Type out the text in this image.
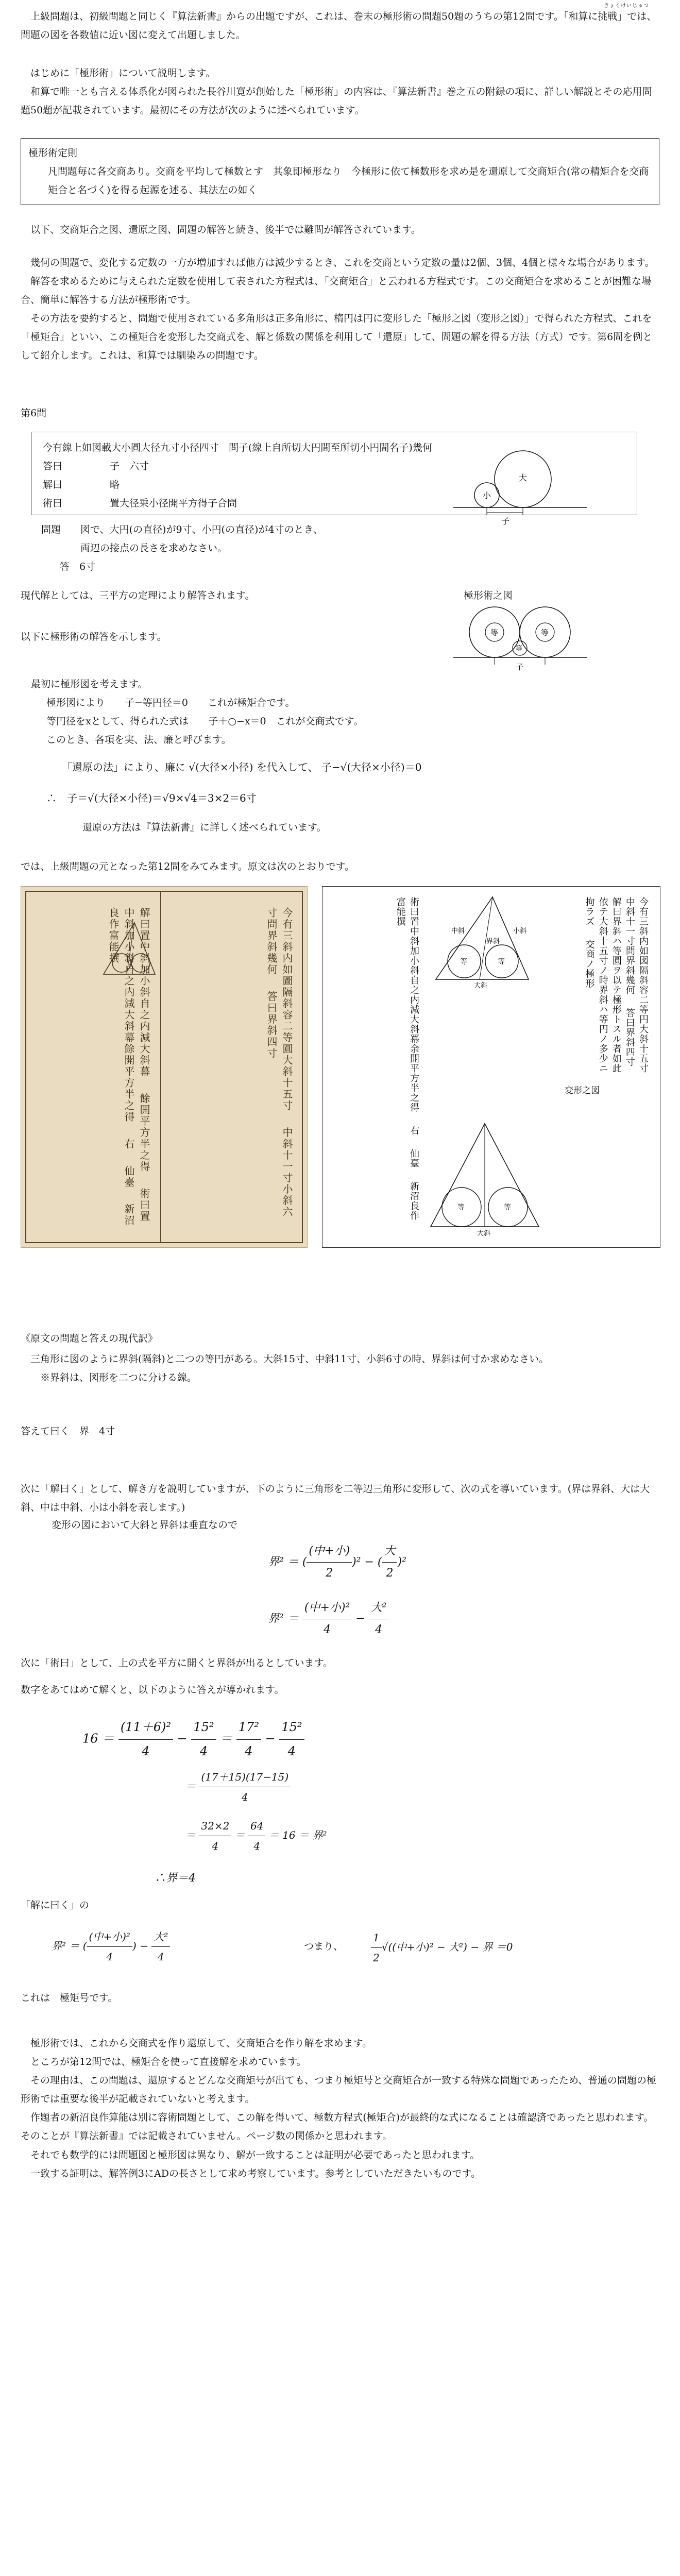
きょくけいじゅつ

上級問題は、初級問題と同じく『算法新書』からの出題ですが、これは、巻末の極形術の問題50題のうちの第12問です。「和算に挑戦」では、問題の図を各数値に近い図に変えて出題しました。

はじめに「極形術」について説明します。

和算で唯一とも言える体系化が図られた長谷川寛が創始した「極形術」の内容は、『算法新書』巻之五の附録の項に、詳しい解説とその応用問題50題が記載されています。最初にその方法が次のように述べられています。

極形術定則

凡問題毎に各交商あり。交商を平均して極数とす　其象即極形なり　今極形に依て極数形を求め是を還原して交商矩合(常の精矩合を交商矩合と名づく)を得る起源を述る、其法左の如く

以下、交商矩合之図、還原之図、問題の解答と続き、後半では難問が解答されています。

幾何の問題で、変化する定数の一方が増加すれば他方は減少するとき、これを交商という定数の量は2個、3個、4個と様々な場合があります。

解答を求めるために与えられた定数を使用して表された方程式は、「交商矩合」と云われる方程式です。この交商矩合を求めることが困難な場合、簡単に解答する方法が極形術です。

その方法を要約すると、問題で使用されている多角形は正多角形に、楕円は円に変形した「極形之図（変形之図）」で得られた方程式、これを「極矩合」といい、この極矩合を変形した交商式を、解と係数の関係を利用して「還原」して、問題の解を得る方法（方式）です。第6問を例として紹介します。これは、和算では馴染みの問題です。

第6問

今有線上如図載大小圓大径九寸小径四寸　問子(線上自所切大円間至所切小円間名子)幾何

答曰	子　六寸
解曰	略
術曰	置大径乗小径開平方得子合問
小
大
子

問題　　 図で、大円(の直径)が9寸、小円(の直径)が4寸のとき、

両辺の接点の長さを求めなさい。

答　6寸

現代解としては、三平方の定理により解答されます。	極形術之図
等	等
等
子
以下に極形術の解答を示します。

最初に極形図を考えます。

極形図により　　子−等円径＝0　　これが極矩合です。

等円径をxとして、得られた式は　　子＋○−x＝0　これが交商式です。

このとき、各項を実、法、廉と呼びます。

「還原の法」により、廉に √(大径×小径) を代入して、 子−√(大径×小径)＝0
∴　子＝√(大径×小径)＝√9×√4＝3×2＝6寸
還原の方法は『算法新書』に詳しく述べられています。
では、上級問題の元となった第12問をみてみます。原文は次のとおりです。
今有三斜内如圖隔斜容二等圓大斜十五寸　 中斜十一寸小斜六寸問界斜幾何　 答曰界斜四寸
解曰置中斜加小斜自之内減大斜幕　 餘開平方半之得　 術曰置中斜加小斜自之内減大斜幕餘開平方半之得　 右　 仙臺　 新沼良作富能撰	今有三斜内如図隔斜容二等円大斜十五寸　 中斜十一寸問界斜幾何　 答曰界斜四寸　 解曰界斜ハ等圓ヲ以テ極形トスル者如此　 依テ大斜十五寸ノ時界斜ハ等円ノ多少ニ拘ラズ　 交商ノ極形
術曰置中斜加小斜自之内減大斜冪余開平方半之得　 右　 仙臺　 新沼良作富能撰
中斜	小斜
大斜
界斜
等	等
変形之図
等	等
大斜
《原文の問題と答えの現代訳》

三角形に図のように界斜(隔斜)と二つの等円がある。大斜15寸、中斜11寸、小斜6寸の時、界斜は何寸か求めなさい。

※界斜は、図形を二つに分ける線。

答えて曰く　界　4寸
次に「解曰く」として、解き方を説明していますが、下のように三角形を二等辺三角形に変形して、次の式を導いています。(界は界斜、大は大斜、中は中斜、小は小斜を表します。)
変形の図において大斜と界斜は垂直なので
界² ＝ ( $\frac{\text{(中+小)}}{2} )^2$ − ( $\frac{\text{大}}{2} )^2$
界$^2 = \frac{\text{(中+小)²}}{4} - \frac{\text{大²}}{4}$
次に「術曰」として、上の式を平方に開くと界斜が出るとしています。
数字をあてはめて解くと、以下のように答えが導かれます。
$16 = \frac{\text{(11＋6)²}}{4} - \frac{\text{15²}}{4} = \frac{\text{17²}}{4} - \frac{\text{15²}}{4}$
＝ $\frac{(17+15)(17-15)}{4}$
＝ $\frac{32\times 2}{4} = \frac{64}{4} = 16$ ＝ 界²
∴界＝4
「解に曰く」の
界² ＝ ( $\frac{\text{(中+小)²}}{4}$ ) − $\frac{\text{大²}}{4}$	つまり、	$\frac{1}{2}$ √((中+小)² − 大²) − 界 ＝0
これは　極矩号です。

極形術では、これから交商式を作り還原して、交商矩合を作り解を求めます。

ところが第12問では、極矩合を使って直接解を求めています。

その理由は、この問題は、還原するとどんな交商矩号が出ても、つまり極矩号と交商矩合が一致する特殊な問題であったため、普通の問題の極形術では重要な後半が記載されていないと考えます。

作題者の新沼良作算能は別に容術問題として、この解を得いて、極数方程式(極矩合)が最終的な式になることは確認済であったと思われます。そのことが『算法新書』では記載されていません。ページ数の関係かと思われます。

それでも数学的には問題図と極形図は異なり、解が一致することは証明が必要であったと思われます。

一致する証明は、解答例3にADの長さとして求め考察しています。参考としていただきたいものです。
